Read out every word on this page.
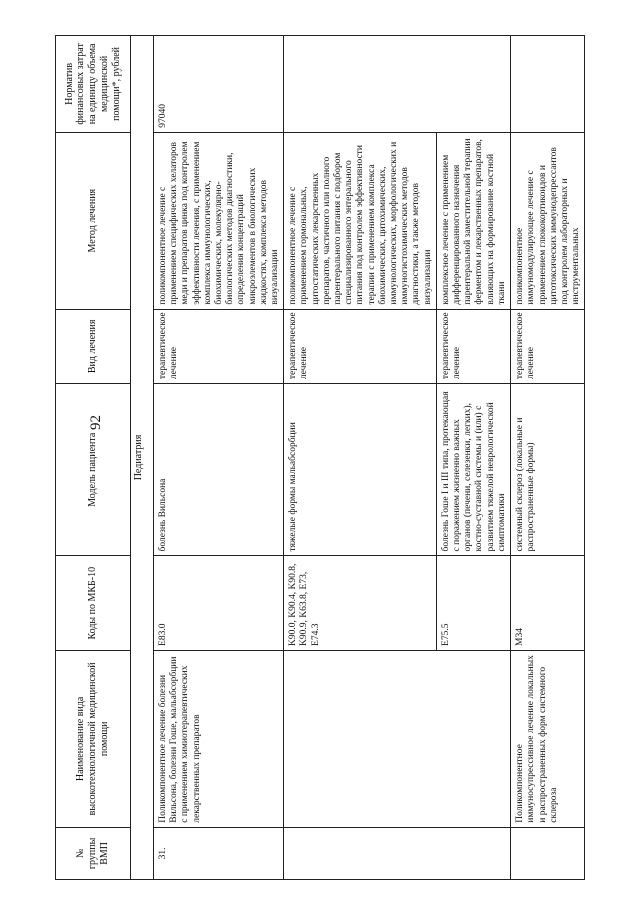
92
№ группы ВМП	Наименование вида высокотехнологичной медицинской помощи	Коды по МКБ-10	Модель пациента	Вид лечения	Метод лечения	Норматив финансовых затрат на единицу объема медицинской помощи*, рублей
Педиатрия						
31.	Поликомпонентное лечение болезни Вильсона, болезни Гоше, мальабсорбции с применением химиотерапевтических лекарственных препаратов	E83.0	болезнь Вильсона	терапевтическое лечение	поликомпонентное лечение с применением специфических хелаторов меди и препаратов цинка под контролем эффективности лечения, с применением комплекса иммунологических, биохимических, молекулярно-биологических методов диагностики, определения концентраций микроэлементов в биологических жидкостях, комплекса методов визуализации	97040
		K90.0, K90.4, K90.8, K90.9, K63.8, E73, E74.3	тяжелые формы мальабсорбции	терапевтическое лечение	поликомпонентное лечение с применением гормональных, цитостатических лекарственных препаратов, частичного или полного парентерального питания с подбором специализированного энтерального питания под контролем эффективности терапии с применением комплекса биохимических, цитохимических, иммунологических, морфологических и иммуногистохимических методов диагностики, а также методов визуализации	
		E75.5	болезнь Гоше I и III типа, протекающая с поражением жизненно важных органов (печени, селезенки, легких), костно-суставной системы и (или) с развитием тяжелой неврологической симптоматики	терапевтическое лечение	комплексное лечение с применением дифференцированного назначения парентеральной заместительной терапии ферментом и лекарственных препаратов, влияющих на формирование костной ткани	
	Поликомпонентное иммуносупрессивное лечение локальных и распространенных форм системного склероза	M34	системный склероз (локальные и распространенные формы)	терапевтическое лечение	поликомпонентное иммуномодулирующее лечение с применением глюкокортикоидов и цитотоксических иммунодепрессантов под контролем лабораторных и инструментальных	
